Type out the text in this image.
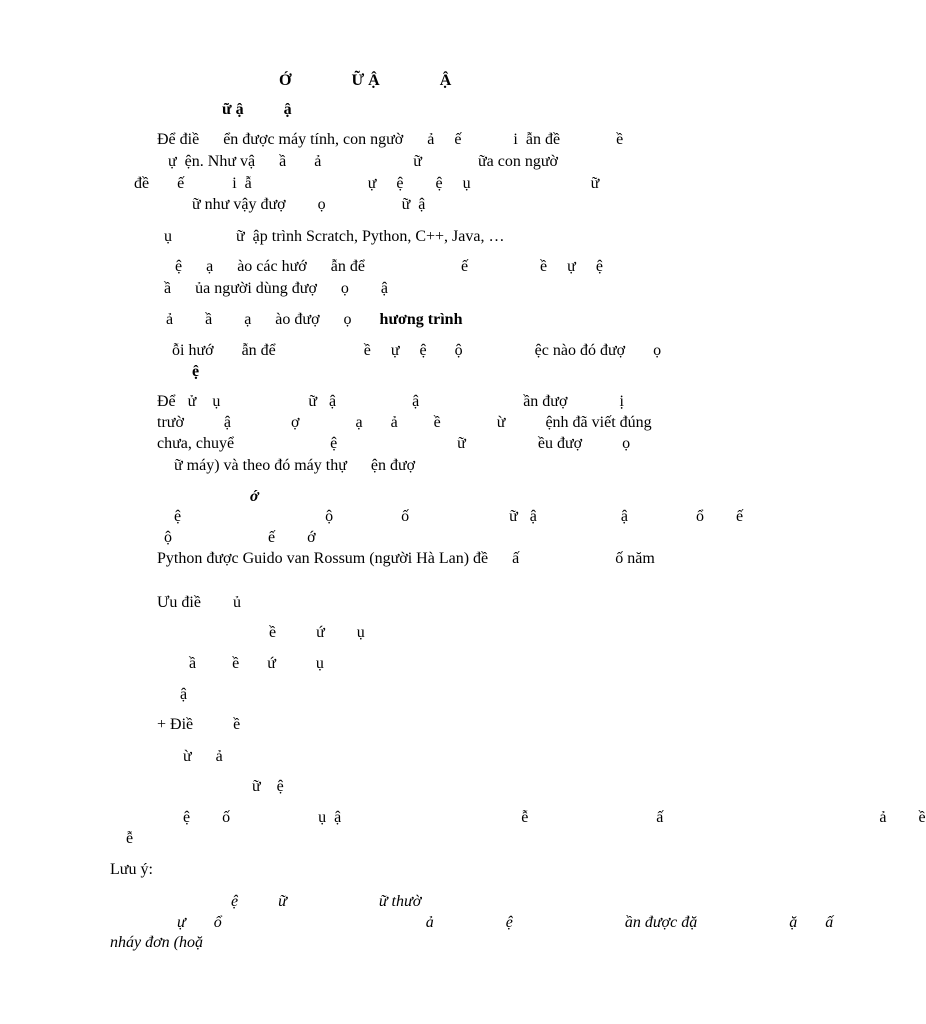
Ớ               Ữ Ậ               Ậ
ữ ậ          ậ
Để điề      ển được máy tính, con ngườ      ả     ế             i  ẫn đề              ề
ự  ện. Như vậ      ầ       ả                       ữ              ữa con ngườ
đề       ế            i  ẫ                             ự     ệ        ệ     ụ                              ữ
ữ như vậy đượ        ọ                   ữ  ậ
ụ                ữ  ập trình Scratch, Python, C++, Java, …
ệ      ạ      ào các hướ      ẫn để                        ế                  ề     ự     ệ
ầ      ủa người dùng đượ      ọ        ậ
ả        ầ        ạ      ào đượ      ọ hương trình
ỗi hướ       ẫn để                      ề     ự     ệ       ộ                  ệc nào đó đượ       ọ
ệ
Để   ử    ụ                      ữ   ậ                   ậ                          ần đượ             ị
trườ          ậ               ợ              ạ       ả         ề              ừ          ệnh đã viết đúng
chưa, chuyể                        ệ                              ữ                  ều đượ          ọ
ữ máy) và theo đó máy thự      ện đượ
ớ
ệ                                    ộ                 ố                         ữ   ậ                     ậ                 ổ        ế
ộ                        ế        ớ
Python được Guido van Rossum (người Hà Lan) đề      ấ                        ố năm
Ưu điề        ủ
ề          ứ        ụ
ầ         ề       ứ          ụ
ậ
+ Điề          ề
ừ      ả
ữ    ệ
ệ        ố                      ụ  ậ                                             ễ                                ấ                                                      ả        ề
ễ
Lưu ý:
ệ          ữ                       ữ thườ
ự       ổ                                                   ả                  ệ                            ần được đặ                       ặ       ấ
nháy đơn (hoặ
